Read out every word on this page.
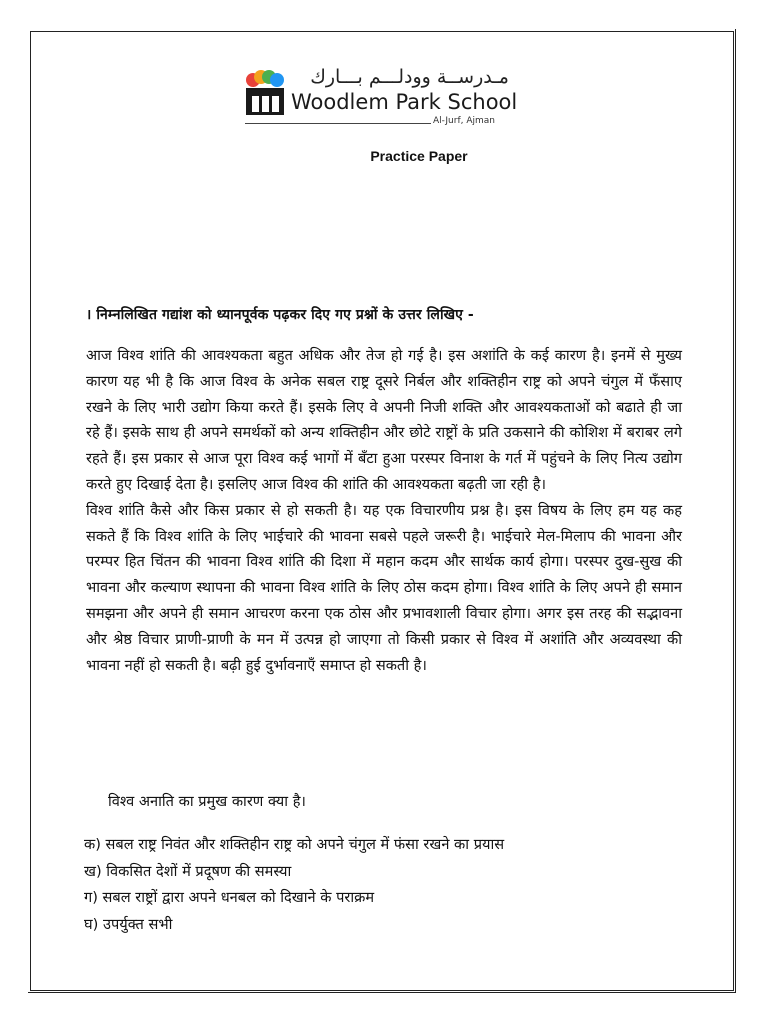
مـدرســة وودلـــم بـــارك
Woodlem Park School
Al-Jurf, Ajman
Practice Paper
। निम्नलिखित गद्यांश को ध्यानपूर्वक पढ़कर दिए गए प्रश्नों के उत्तर लिखिए -

आज विश्व शांति की आवश्यकता बहुत अधिक और तेज हो गई है। इस अशांति के कई कारण है। इनमें से मुख्य कारण यह भी है कि आज विश्व के अनेक सबल राष्ट्र दूसरे निर्बल और शक्तिहीन राष्ट्र को अपने चंगुल में फँसाए रखने के लिए भारी उद्योग किया करते हैं। इसके लिए वे अपनी निजी शक्ति और आवश्यकताओं को बढाते ही जा रहे हैं। इसके साथ ही अपने समर्थकों को अन्य शक्तिहीन और छोटे राष्ट्रों के प्रति उकसाने की कोशिश में बराबर लगे रहते हैं। इस प्रकार से आज पूरा विश्व कई भागों में बँटा हुआ परस्पर विनाश के गर्त में पहुंचने के लिए नित्य उद्योग करते हुए दिखाई देता है। इसलिए आज विश्व की शांति की आवश्यकता बढ़ती जा रही है।

विश्व शांति कैसे और किस प्रकार से हो सकती है। यह एक विचारणीय प्रश्न है। इस विषय के लिए हम यह कह सकते हैं कि विश्व शांति के लिए भाईचारे की भावना सबसे पहले जरूरी है। भाईचारे मेल-मिलाप की भावना और परम्पर हित चिंतन की भावना विश्व शांति की दिशा में महान कदम और सार्थक कार्य होगा। परस्पर दुख-सुख की भावना और कल्याण स्थापना की भावना विश्व शांति के लिए ठोस कदम होगा। विश्व शांति के लिए अपने ही समान समझना और अपने ही समान आचरण करना एक ठोस और प्रभावशाली विचार होगा। अगर इस तरह की सद्भावना और श्रेष्ठ विचार प्राणी-प्राणी के मन में उत्पन्न हो जाएगा तो किसी प्रकार से विश्व में अशांति और अव्यवस्था की भावना नहीं हो सकती है। बढ़ी हुई दुर्भावनाएँ समाप्त हो सकती है।

विश्व अनाति का प्रमुख कारण क्या है।
क) सबल राष्ट्र निवंत और शक्तिहीन राष्ट्र को अपने चंगुल में फंसा रखने का प्रयास
ख) विकसित देशों में प्रदूषण की समस्या
ग) सबल राष्ट्रों द्वारा अपने धनबल को दिखाने के पराक्रम
घ) उपर्युक्त सभी
